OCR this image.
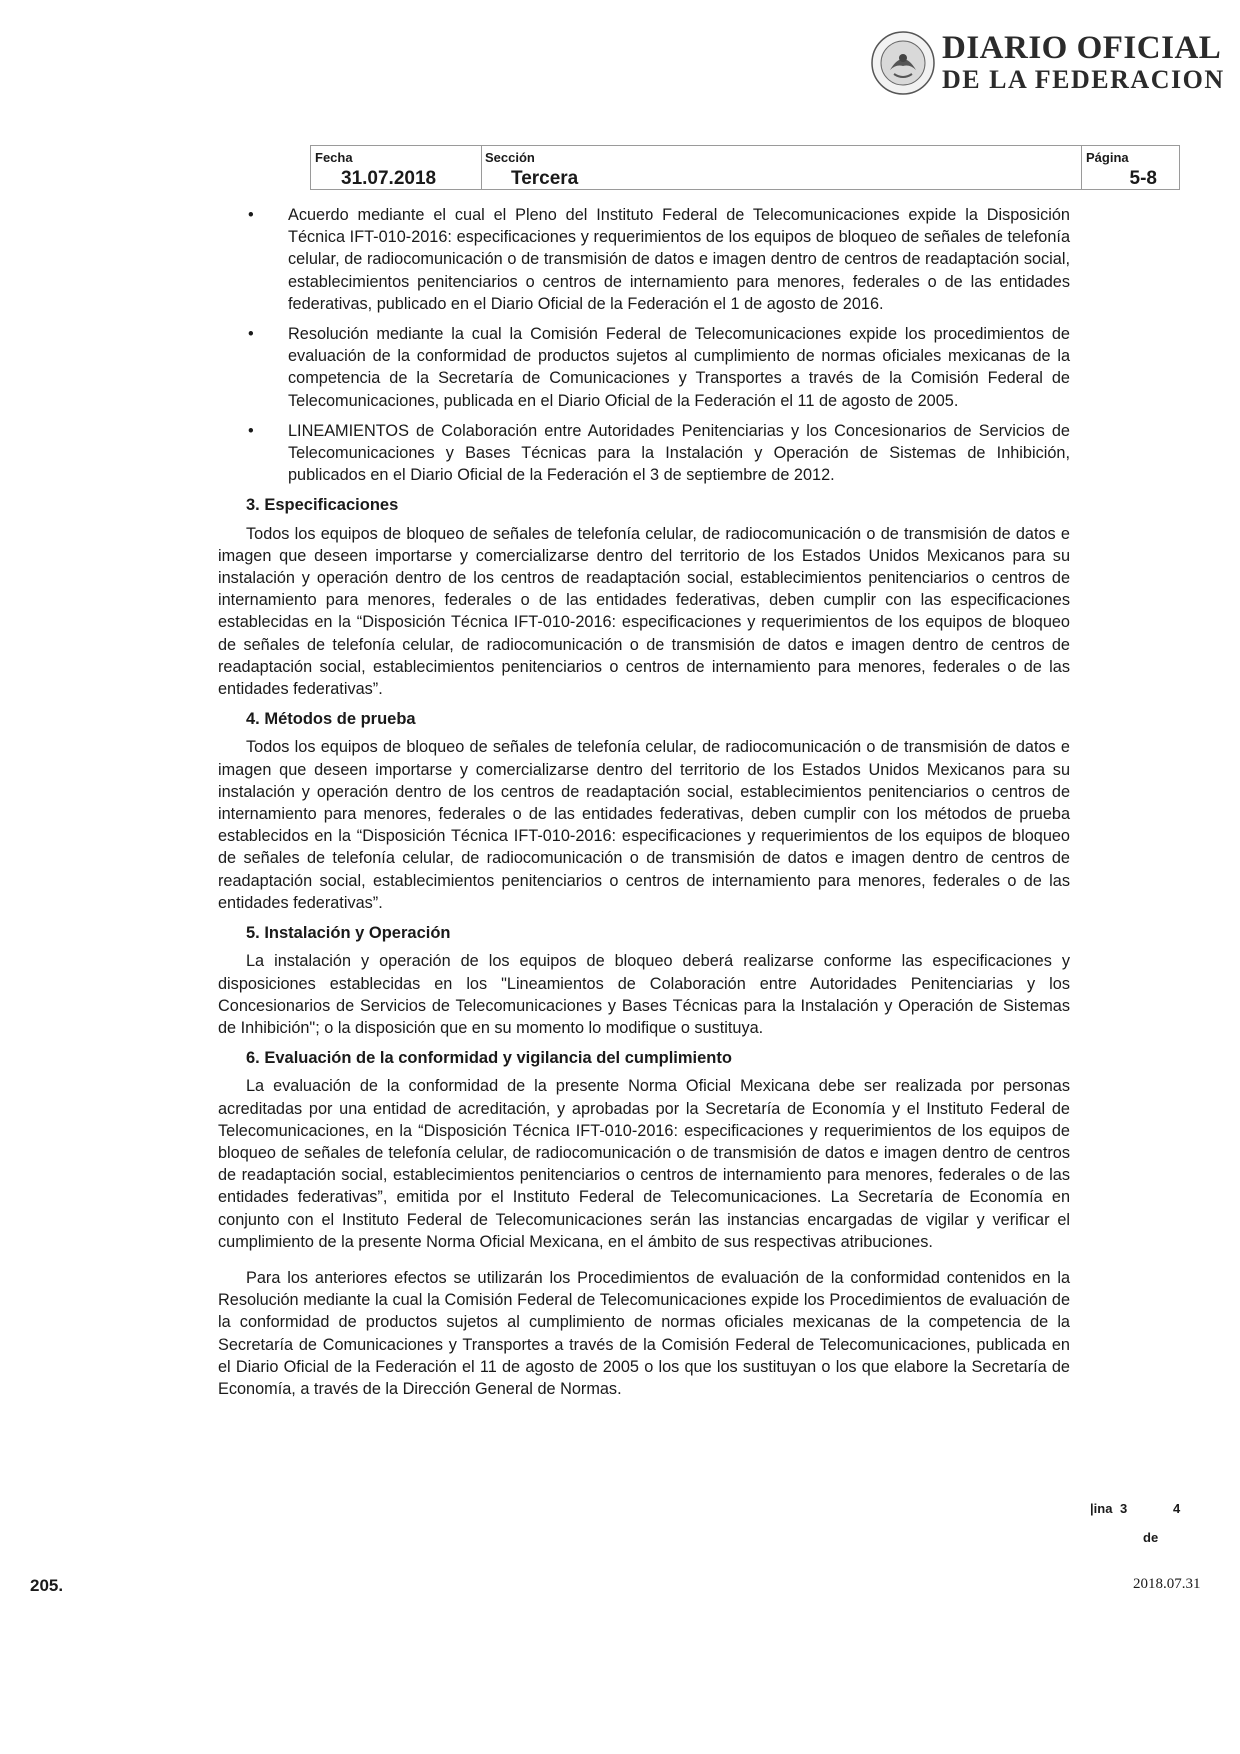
DIARIO OFICIAL
DE LA FEDERACION
Fecha
31.07.2018
Sección
Tercera
Página
5-8
• Acuerdo mediante el cual el Pleno del Instituto Federal de Telecomunicaciones expide la Disposición Técnica IFT-010-2016: especificaciones y requerimientos de los equipos de bloqueo de señales de telefonía celular, de radiocomunicación o de transmisión de datos e imagen dentro de centros de readaptación social, establecimientos penitenciarios o centros de internamiento para menores, federales o de las entidades federativas, publicado en el Diario Oficial de la Federación el 1 de agosto de 2016.
• Resolución mediante la cual la Comisión Federal de Telecomunicaciones expide los procedimientos de evaluación de la conformidad de productos sujetos al cumplimiento de normas oficiales mexicanas de la competencia de la Secretaría de Comunicaciones y Transportes a través de la Comisión Federal de Telecomunicaciones, publicada en el Diario Oficial de la Federación el 11 de agosto de 2005.
• LINEAMIENTOS de Colaboración entre Autoridades Penitenciarias y los Concesionarios de Servicios de Telecomunicaciones y Bases Técnicas para la Instalación y Operación de Sistemas de Inhibición, publicados en el Diario Oficial de la Federación el 3 de septiembre de 2012.
3. Especificaciones

Todos los equipos de bloqueo de señales de telefonía celular, de radiocomunicación o de transmisión de datos e imagen que deseen importarse y comercializarse dentro del territorio de los Estados Unidos Mexicanos para su instalación y operación dentro de los centros de readaptación social, establecimientos penitenciarios o centros de internamiento para menores, federales o de las entidades federativas, deben cumplir con las especificaciones establecidas en la “Disposición Técnica IFT-010-2016: especificaciones y requerimientos de los equipos de bloqueo de señales de telefonía celular, de radiocomunicación o de transmisión de datos e imagen dentro de centros de readaptación social, establecimientos penitenciarios o centros de internamiento para menores, federales o de las entidades federativas”.

4. Métodos de prueba

Todos los equipos de bloqueo de señales de telefonía celular, de radiocomunicación o de transmisión de datos e imagen que deseen importarse y comercializarse dentro del territorio de los Estados Unidos Mexicanos para su instalación y operación dentro de los centros de readaptación social, establecimientos penitenciarios o centros de internamiento para menores, federales o de las entidades federativas, deben cumplir con los métodos de prueba establecidos en la “Disposición Técnica IFT-010-2016: especificaciones y requerimientos de los equipos de bloqueo de señales de telefonía celular, de radiocomunicación o de transmisión de datos e imagen dentro de centros de readaptación social, establecimientos penitenciarios o centros de internamiento para menores, federales o de las entidades federativas”.

5. Instalación y Operación

La instalación y operación de los equipos de bloqueo deberá realizarse conforme las especificaciones y disposiciones establecidas en los "Lineamientos de Colaboración entre Autoridades Penitenciarias y los Concesionarios de Servicios de Telecomunicaciones y Bases Técnicas para la Instalación y Operación de Sistemas de Inhibición"; o la disposición que en su momento lo modifique o sustituya.

6. Evaluación de la conformidad y vigilancia del cumplimiento

La evaluación de la conformidad de la presente Norma Oficial Mexicana debe ser realizada por personas acreditadas por una entidad de acreditación, y aprobadas por la Secretaría de Economía y el Instituto Federal de Telecomunicaciones, en la “Disposición Técnica IFT-010-2016: especificaciones y requerimientos de los equipos de bloqueo de señales de telefonía celular, de radiocomunicación o de transmisión de datos e imagen dentro de centros de readaptación social, establecimientos penitenciarios o centros de internamiento para menores, federales o de las entidades federativas”, emitida por el Instituto Federal de Telecomunicaciones. La Secretaría de Economía en conjunto con el Instituto Federal de Telecomunicaciones serán las instancias encargadas de vigilar y verificar el cumplimiento de la presente Norma Oficial Mexicana, en el ámbito de sus respectivas atribuciones.

Para los anteriores efectos se utilizarán los Procedimientos de evaluación de la conformidad contenidos en la Resolución mediante la cual la Comisión Federal de Telecomunicaciones expide los Procedimientos de evaluación de la conformidad de productos sujetos al cumplimiento de normas oficiales mexicanas de la competencia de la Secretaría de Comunicaciones y Transportes a través de la Comisión Federal de Telecomunicaciones, publicada en el Diario Oficial de la Federación el 11 de agosto de 2005 o los que los sustituyan o los que elabore la Secretaría de Economía, a través de la Dirección General de Normas.

|ina 3	4
de
205.	2018.07.31
